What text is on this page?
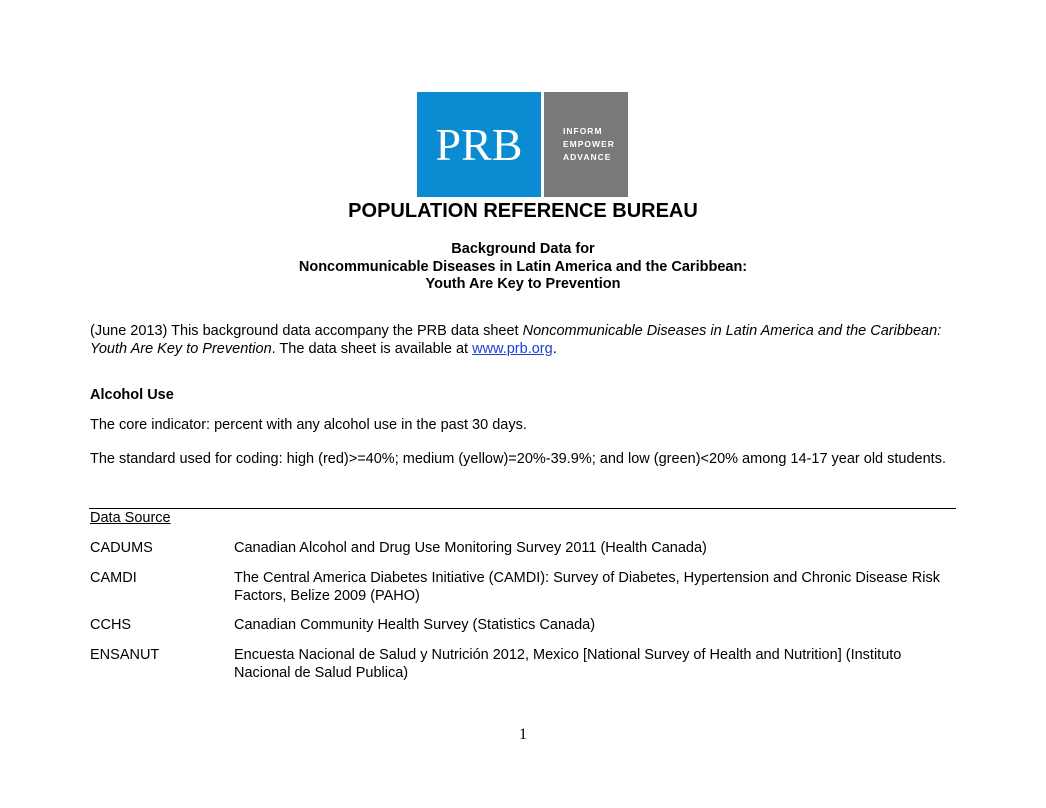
PRB	INFORM
EMPOWER
ADVANCE
POPULATION REFERENCE BUREAU
Background Data for
Noncommunicable Diseases in Latin America and the Caribbean:
Youth Are Key to Prevention
(June 2013) This background data accompany the PRB data sheet Noncommunicable Diseases in Latin America and the Caribbean: Youth Are Key to Prevention. The data sheet is available at www.prb.org.
Alcohol Use
The core indicator: percent with any alcohol use in the past 30 days.
The standard used for coding: high (red)>=40%; medium (yellow)=20%-39.9%; and low (green)<20% among 14-17 year old students.
Data Source
CADUMS	Canadian Alcohol and Drug Use Monitoring Survey 2011 (Health Canada)
CAMDI	The Central America Diabetes Initiative (CAMDI): Survey of Diabetes, Hypertension and Chronic Disease Risk Factors, Belize 2009 (PAHO)
CCHS	Canadian Community Health Survey (Statistics Canada)
ENSANUT	Encuesta Nacional de Salud y Nutrición 2012, Mexico [National Survey of Health and Nutrition] (Instituto Nacional de Salud Publica)
1
